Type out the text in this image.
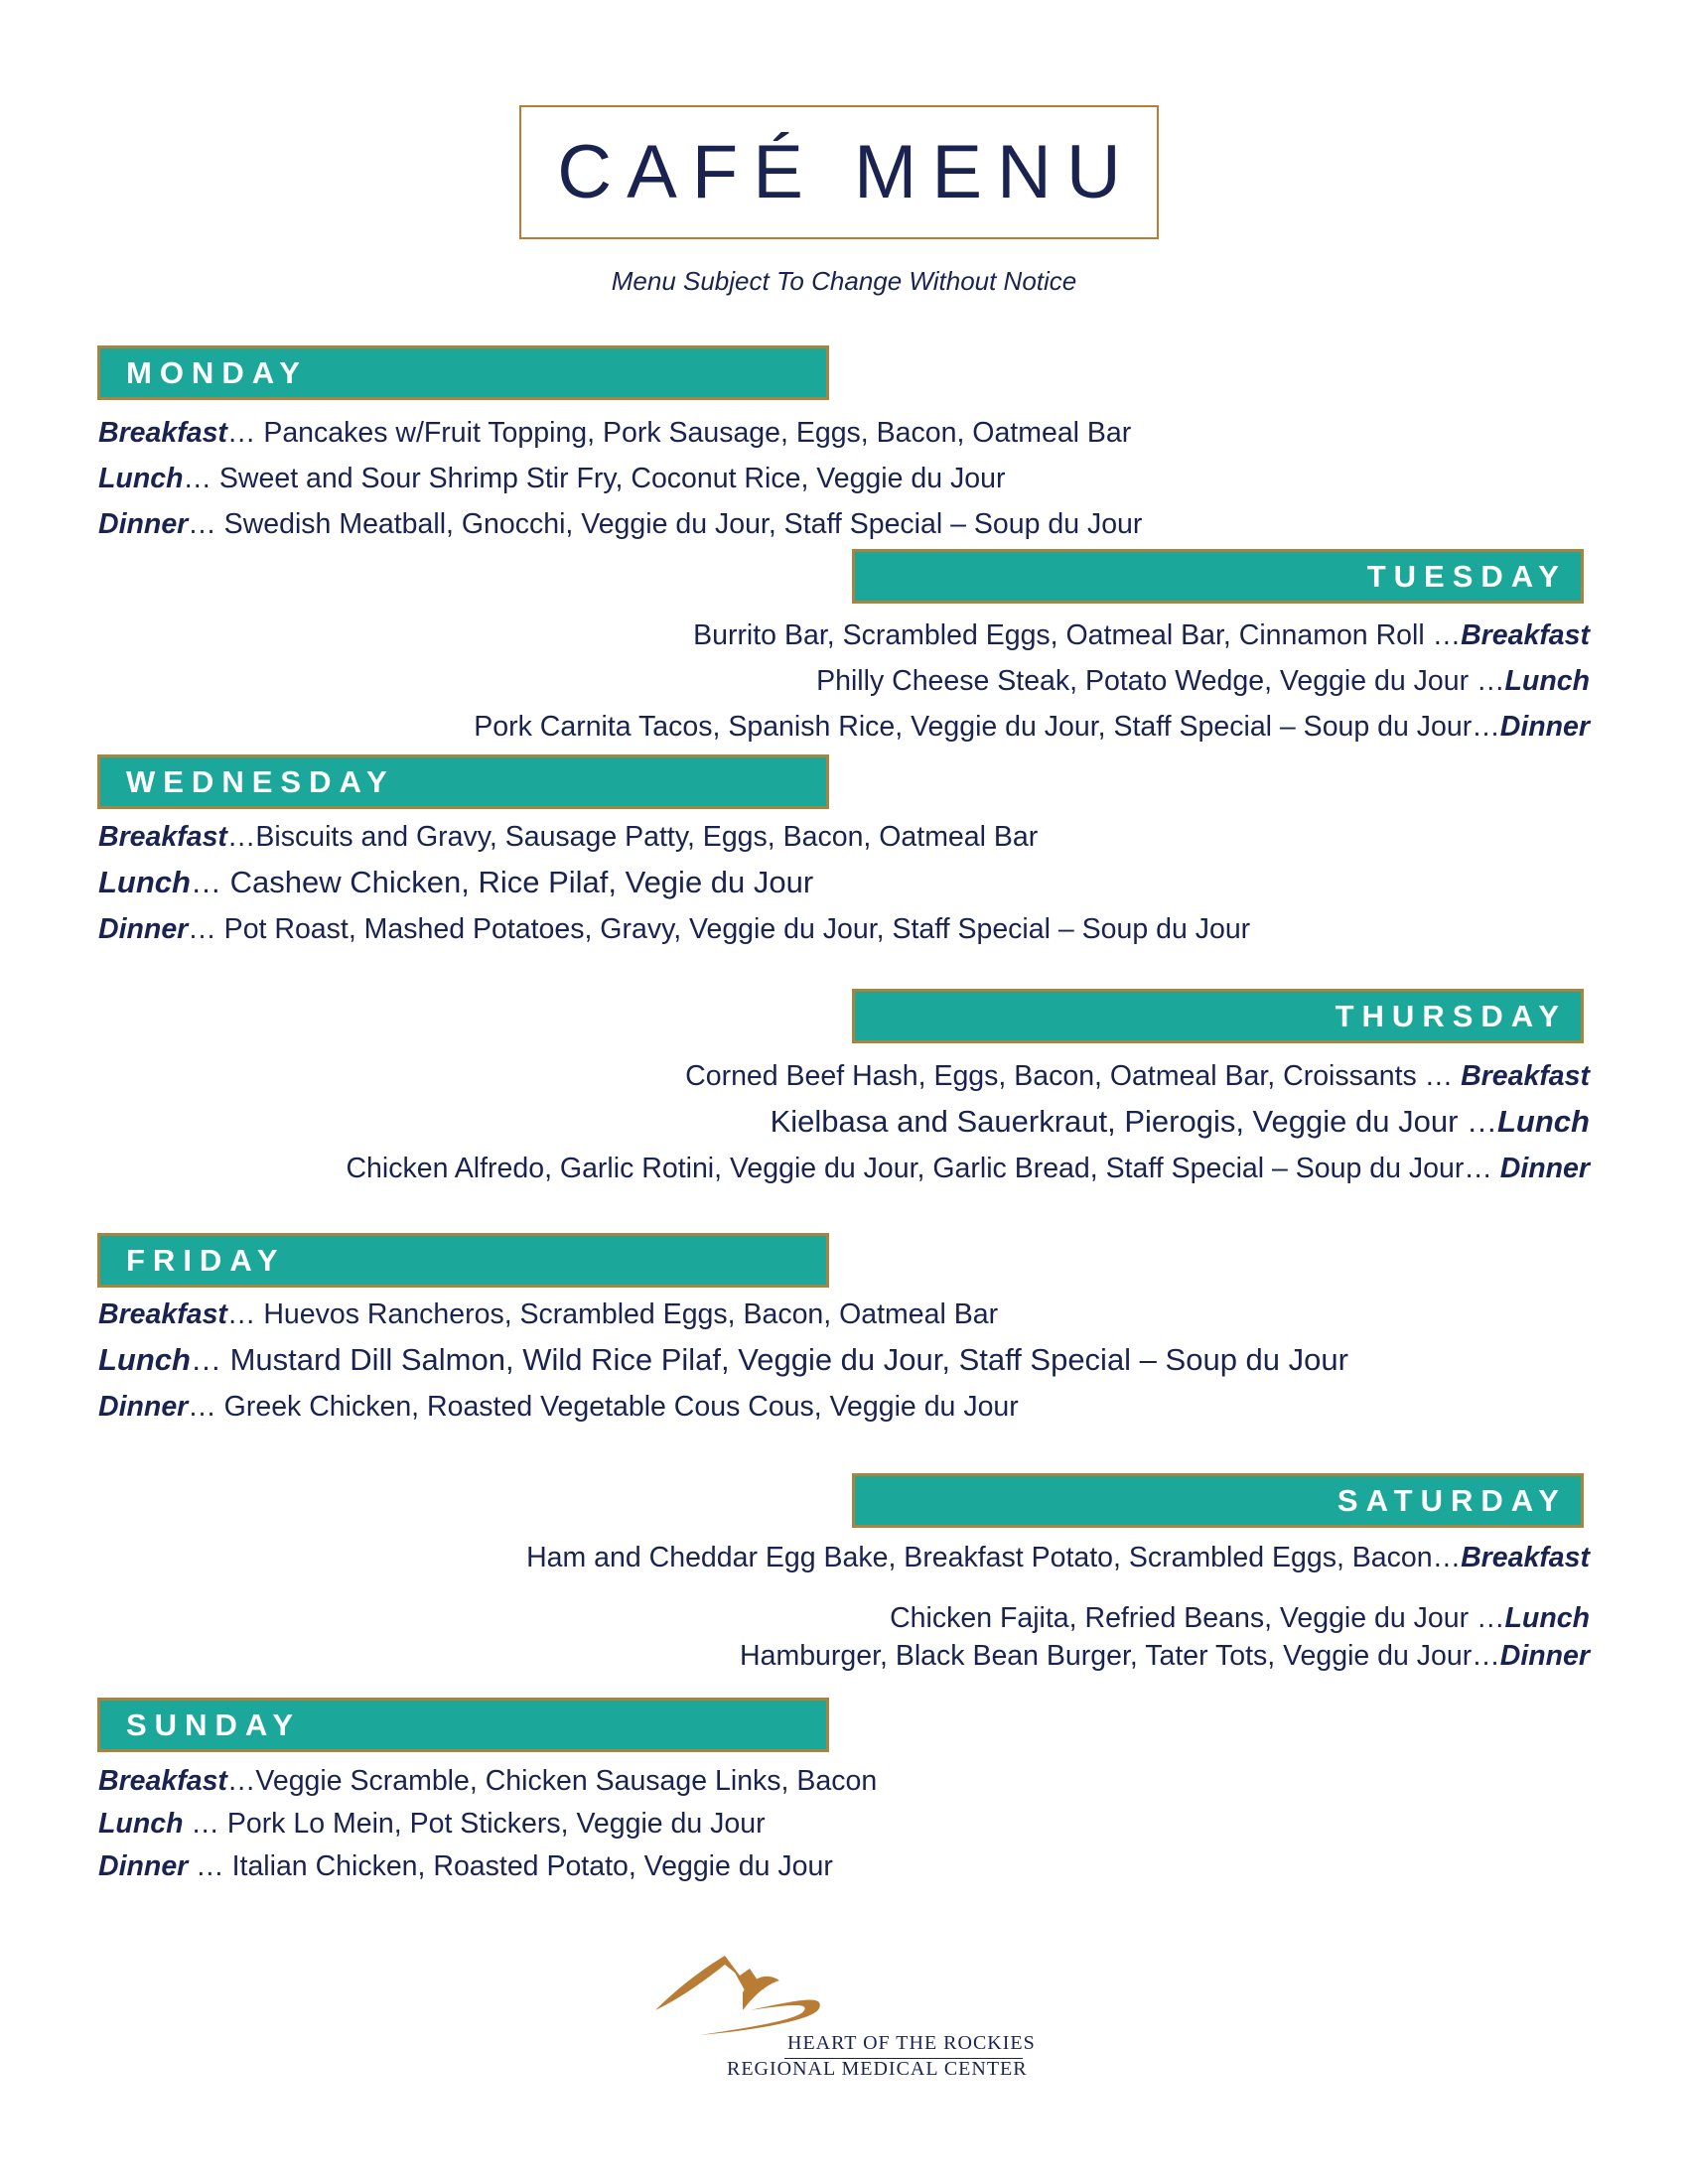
CAFÉ MENU
Menu Subject To Change Without Notice
MONDAY
Breakfast… Pancakes w/Fruit Topping, Pork Sausage, Eggs, Bacon, Oatmeal Bar
Lunch… Sweet and Sour Shrimp Stir Fry, Coconut Rice, Veggie du Jour
Dinner… Swedish Meatball, Gnocchi, Veggie du Jour, Staff Special – Soup du Jour
TUESDAY
Burrito Bar, Scrambled Eggs, Oatmeal Bar, Cinnamon Roll …Breakfast
Philly Cheese Steak, Potato Wedge, Veggie du Jour …Lunch
Pork Carnita Tacos, Spanish Rice, Veggie du Jour, Staff Special – Soup du Jour…Dinner
WEDNESDAY
Breakfast…Biscuits and Gravy, Sausage Patty, Eggs, Bacon, Oatmeal Bar
Lunch… Cashew Chicken, Rice Pilaf, Vegie du Jour
Dinner… Pot Roast, Mashed Potatoes, Gravy, Veggie du Jour, Staff Special – Soup du Jour
THURSDAY
Corned Beef Hash, Eggs, Bacon, Oatmeal Bar, Croissants … Breakfast
Kielbasa and Sauerkraut, Pierogis, Veggie du Jour …Lunch
Chicken Alfredo, Garlic Rotini, Veggie du Jour, Garlic Bread, Staff Special – Soup du Jour… Dinner
FRIDAY
Breakfast… Huevos Rancheros, Scrambled Eggs, Bacon, Oatmeal Bar
Lunch… Mustard Dill Salmon, Wild Rice Pilaf, Veggie du Jour, Staff Special – Soup du Jour
Dinner… Greek Chicken, Roasted Vegetable Cous Cous, Veggie du Jour
SATURDAY
Ham and Cheddar Egg Bake, Breakfast Potato, Scrambled Eggs, Bacon…Breakfast
Chicken Fajita, Refried Beans, Veggie du Jour …Lunch
Hamburger, Black Bean Burger, Tater Tots, Veggie du Jour…Dinner
SUNDAY
Breakfast…Veggie Scramble, Chicken Sausage Links, Bacon
Lunch … Pork Lo Mein, Pot Stickers, Veggie du Jour
Dinner … Italian Chicken, Roasted Potato, Veggie du Jour
HEART OF THE ROCKIES
REGIONAL MEDICAL CENTER
